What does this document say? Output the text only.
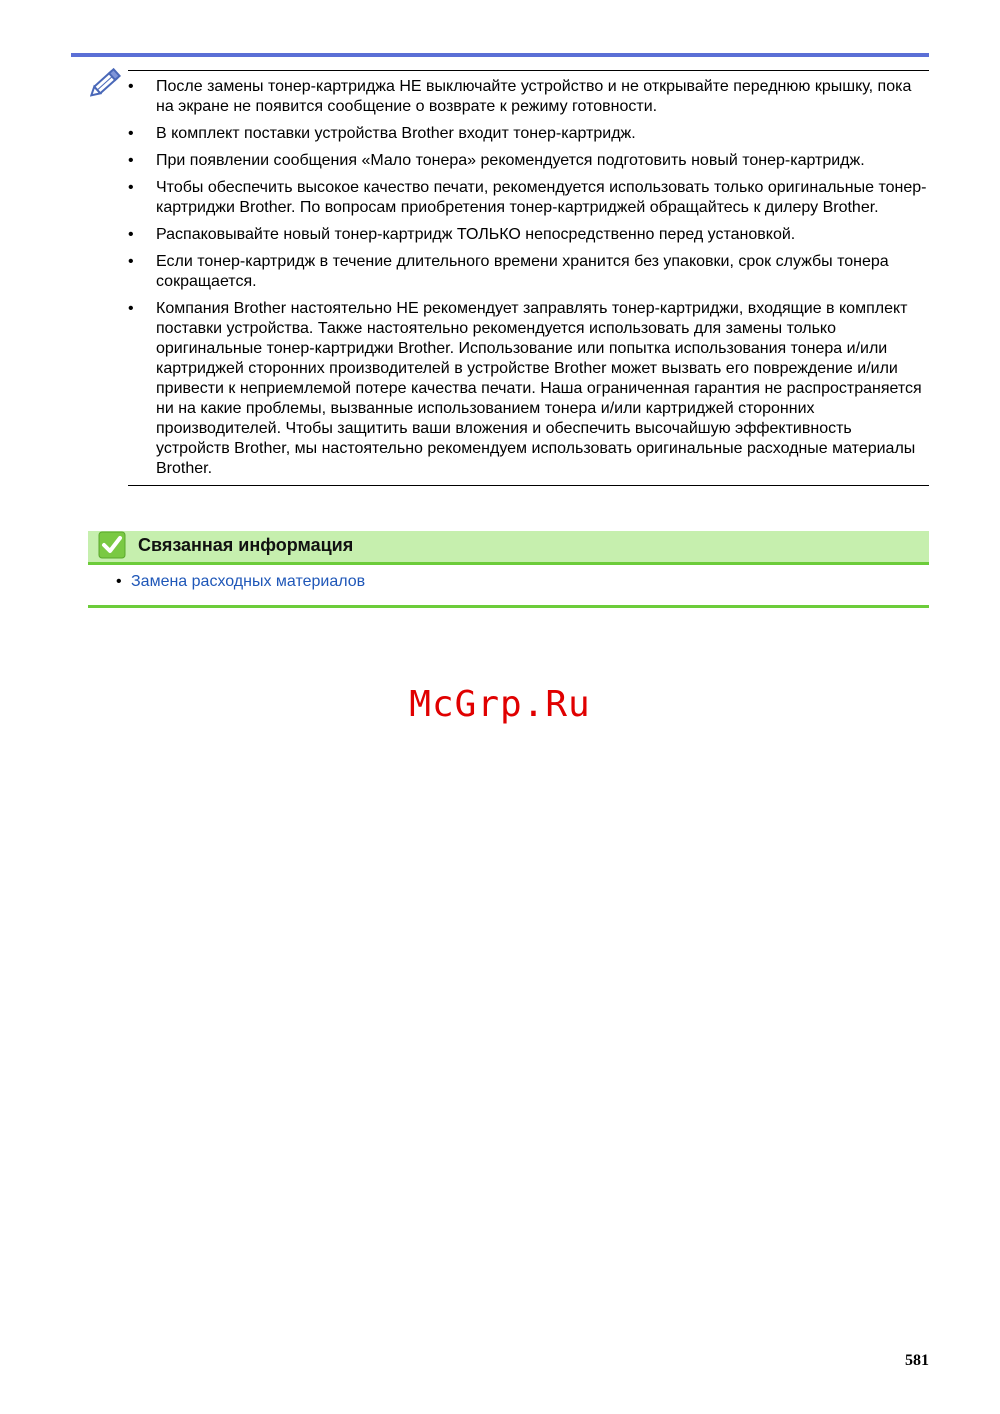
• После замены тонер-картриджа НЕ выключайте устройство и не открывайте переднюю крышку, пока на экране не появится сообщение о возврате к режиму готовности.
• В комплект поставки устройства Brother входит тонер-картридж.
• При появлении сообщения «Мало тонера» рекомендуется подготовить новый тонер-картридж.
• Чтобы обеспечить высокое качество печати, рекомендуется использовать только оригинальные тонер-картриджи Brother. По вопросам приобретения тонер-картриджей обращайтесь к дилеру Brother.
• Распаковывайте новый тонер-картридж ТОЛЬКО непосредственно перед установкой.
• Если тонер-картридж в течение длительного времени хранится без упаковки, срок службы тонера сокращается.
• Компания Brother настоятельно НЕ рекомендует заправлять тонер-картриджи, входящие в комплект поставки устройства. Также настоятельно рекомендуется использовать для замены только оригинальные тонер-картриджи Brother. Использование или попытка использования тонера и/или картриджей сторонних производителей в устройстве Brother может вызвать его повреждение и/или привести к неприемлемой потере качества печати. Наша ограниченная гарантия не распространяется ни на какие проблемы, вызванные использованием тонера и/или картриджей сторонних производителей. Чтобы защитить ваши вложения и обеспечить высочайшую эффективность устройств Brother, мы настоятельно рекомендуем использовать оригинальные расходные материалы Brother.
Связанная информация
• Замена расходных материалов
McGrp.Ru
581
